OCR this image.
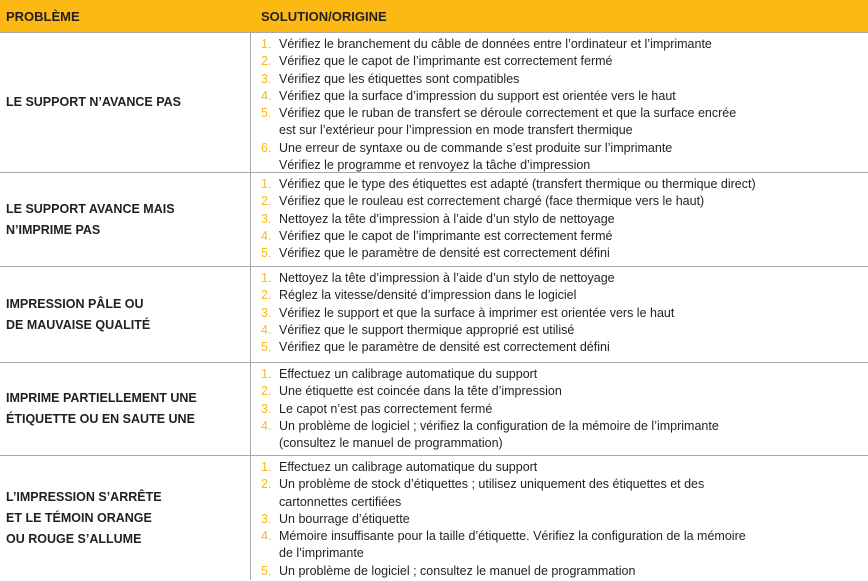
PROBLÈME	SOLUTION/ORIGINE
LE SUPPORT N’AVANCE PAS
1. Vérifiez le branchement du câble de données entre l’ordinateur et l’imprimante
2. Vérifiez que le capot de l’imprimante est correctement fermé
3. Vérifiez que les étiquettes sont compatibles
4. Vérifiez que la surface d’impression du support est orientée vers le haut
5. Vérifiez que le ruban de transfert se déroule correctement et que la surface encrée
est sur l’extérieur pour l’impression en mode transfert thermique
6. Une erreur de syntaxe ou de commande s’est produite sur l’imprimante
Vérifiez le programme et renvoyez la tâche d’impression
LE SUPPORT AVANCE MAIS
N’IMPRIME PAS
1. Vérifiez que le type des étiquettes est adapté (transfert thermique ou thermique direct)
2. Vérifiez que le rouleau est correctement chargé (face thermique vers le haut)
3. Nettoyez la tête d’impression à l’aide d’un stylo de nettoyage
4. Vérifiez que le capot de l’imprimante est correctement fermé
5. Vérifiez que le paramètre de densité est correctement défini
IMPRESSION PÂLE OU
DE MAUVAISE QUALITÉ
1. Nettoyez la tête d’impression à l’aide d’un stylo de nettoyage
2. Réglez la vitesse/densité d’impression dans le logiciel
3. Vérifiez le support et que la surface à imprimer est orientée vers le haut
4. Vérifiez que le support thermique approprié est utilisé
5. Vérifiez que le paramètre de densité est correctement défini
IMPRIME PARTIELLEMENT UNE
ÉTIQUETTE OU EN SAUTE UNE
1. Effectuez un calibrage automatique du support
2. Une étiquette est coincée dans la tête d’impression
3. Le capot n’est pas correctement fermé
4. Un problème de logiciel ; vérifiez la configuration de la mémoire de l’imprimante
(consultez le manuel de programmation)
L’IMPRESSION S’ARRÊTE
ET LE TÉMOIN ORANGE
OU ROUGE S’ALLUME
1. Effectuez un calibrage automatique du support
2. Un problème de stock d’étiquettes ; utilisez uniquement des étiquettes et des
cartonnettes certifiées
3. Un bourrage d’étiquette
4. Mémoire insuffisante pour la taille d’étiquette. Vérifiez la configuration de la mémoire
de l’imprimante
5. Un problème de logiciel ; consultez le manuel de programmation
